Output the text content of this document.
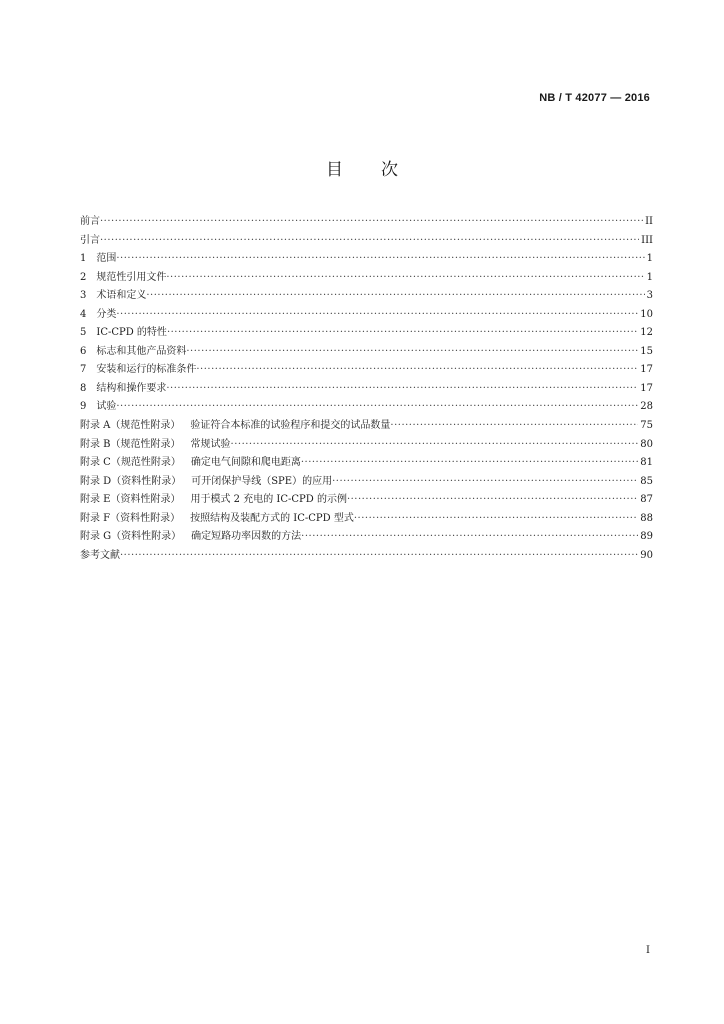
NB / T 42077 — 2016
目次
前言 ·····	II
引言 ·····	III
1 范围 ·····	1
2 规范性引用文件 ·····	1
3 术语和定义 ·····	3
4 分类 ·····	10
5 IC-CPD 的特性 ·····	12
6 标志和其他产品资料 ·····	15
7 安装和运行的标准条件 ·····	17
8 结构和操作要求 ·····	17
9 试验 ·····	28
附录 A（规范性附录） 验证符合本标准的试验程序和提交的试品数量 ·····	75
附录 B（规范性附录） 常规试验 ·····	80
附录 C（规范性附录） 确定电气间隙和爬电距离 ·····	81
附录 D（资料性附录） 可开闭保护导线（SPE）的应用 ·····	85
附录 E（资料性附录） 用于模式 2 充电的 IC-CPD 的示例 ·····	87
附录 F（资料性附录） 按照结构及装配方式的 IC-CPD 型式 ·····	88
附录 G（资料性附录） 确定短路功率因数的方法 ·····	89
参考文献 ·····	90
I
